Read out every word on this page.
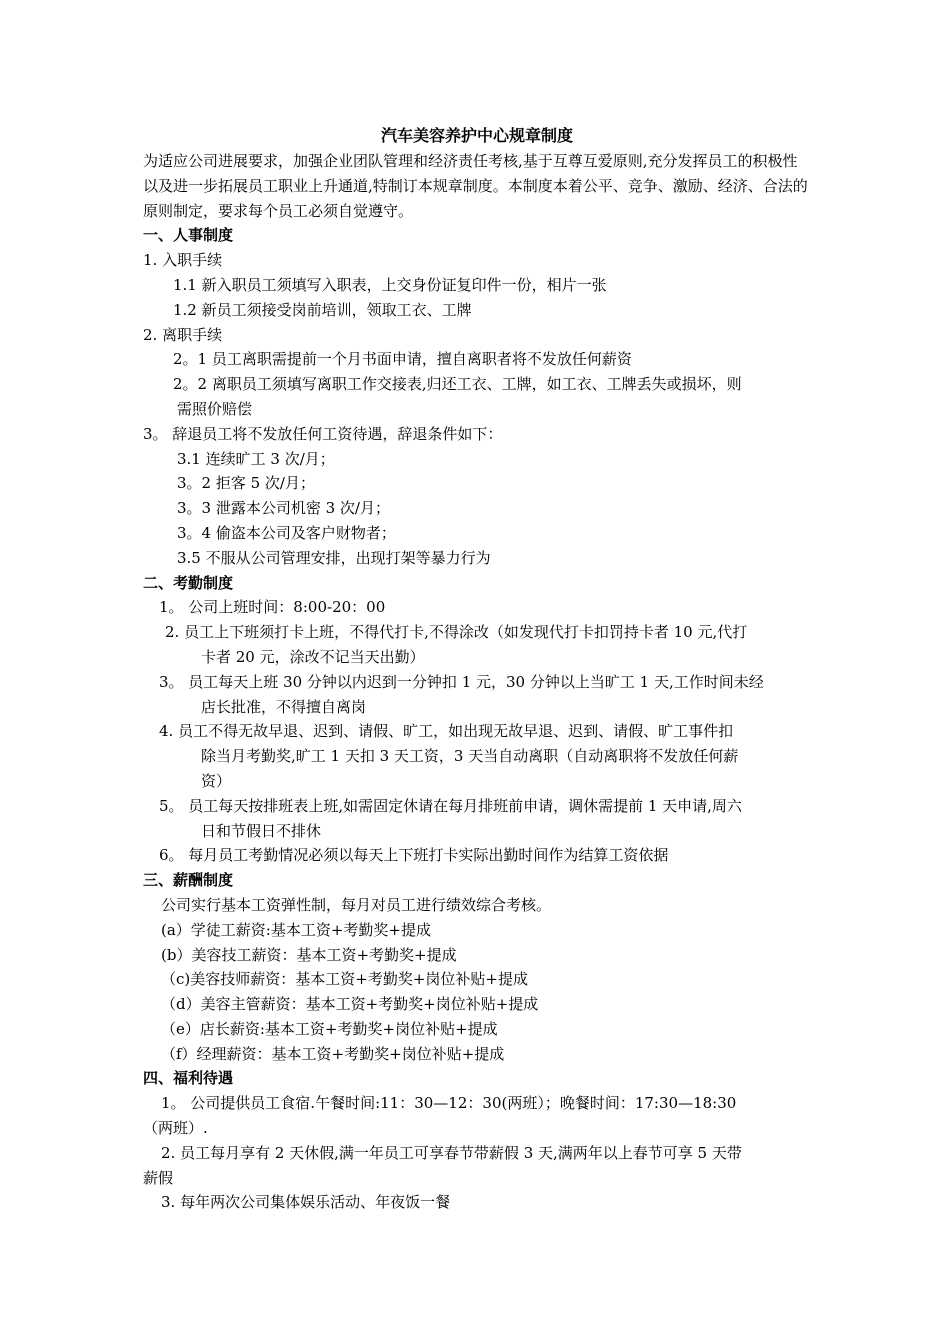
汽车美容养护中心规章制度

为适应公司进展要求，加强企业团队管理和经济责任考核,基于互尊互爱原则,充分发挥员工的积极性以及进一步拓展员工职业上升通道,特制订本规章制度。本制度本着公平、竞争、激励、经济、合法的原则制定，要求每个员工必须自觉遵守。

一、人事制度

1. 入职手续

1.1 新入职员工须填写入职表，上交身份证复印件一份，相片一张

1.2 新员工须接受岗前培训，领取工衣、工牌

2. 离职手续

2。1 员工离职需提前一个月书面申请，擅自离职者将不发放任何薪资

2。2 离职员工须填写离职工作交接表,归还工衣、工牌，如工衣、工牌丢失或损坏，则

需照价赔偿

3。 辞退员工将不发放任何工资待遇，辞退条件如下：

3.1 连续旷工 3 次/月；

3。2 拒客 5 次/月；

3。3 泄露本公司机密 3 次/月；

3。4 偷盗本公司及客户财物者；

3.5 不服从公司管理安排，出现打架等暴力行为

二、考勤制度

1。 公司上班时间：8:00-20：00

2. 员工上下班须打卡上班，不得代打卡,不得涂改（如发现代打卡扣罚持卡者 10 元,代打

卡者 20 元，涂改不记当天出勤）

3。 员工每天上班 30 分钟以内迟到一分钟扣 1 元，30 分钟以上当旷工 1 天,工作时间未经

店长批准，不得擅自离岗

4. 员工不得无故早退、迟到、请假、旷工，如出现无故早退、迟到、请假、旷工事件扣

除当月考勤奖,旷工 1 天扣 3 天工资，3 天当自动离职（自动离职将不发放任何薪

资）

5。 员工每天按排班表上班,如需固定休请在每月排班前申请，调休需提前 1 天申请,周六

日和节假日不排休

6。 每月员工考勤情况必须以每天上下班打卡实际出勤时间作为结算工资依据

三、薪酬制度

公司实行基本工资弹性制，每月对员工进行绩效综合考核。

(a）学徒工薪资:基本工资+考勤奖+提成

(b）美容技工薪资：基本工资+考勤奖+提成

（c)美容技师薪资：基本工资+考勤奖+岗位补贴+提成

（d）美容主管薪资：基本工资+考勤奖+岗位补贴+提成

（e）店长薪资:基本工资+考勤奖+岗位补贴+提成

（f）经理薪资：基本工资+考勤奖+岗位补贴+提成

四、福利待遇

1。 公司提供员工食宿.午餐时间:11：30—12：30(两班）；晚餐时间：17:30—18:30

（两班）.

2. 员工每月享有 2 天休假,满一年员工可享春节带薪假 3 天,满两年以上春节可享 5 天带

薪假

3. 每年两次公司集体娱乐活动、年夜饭一餐
